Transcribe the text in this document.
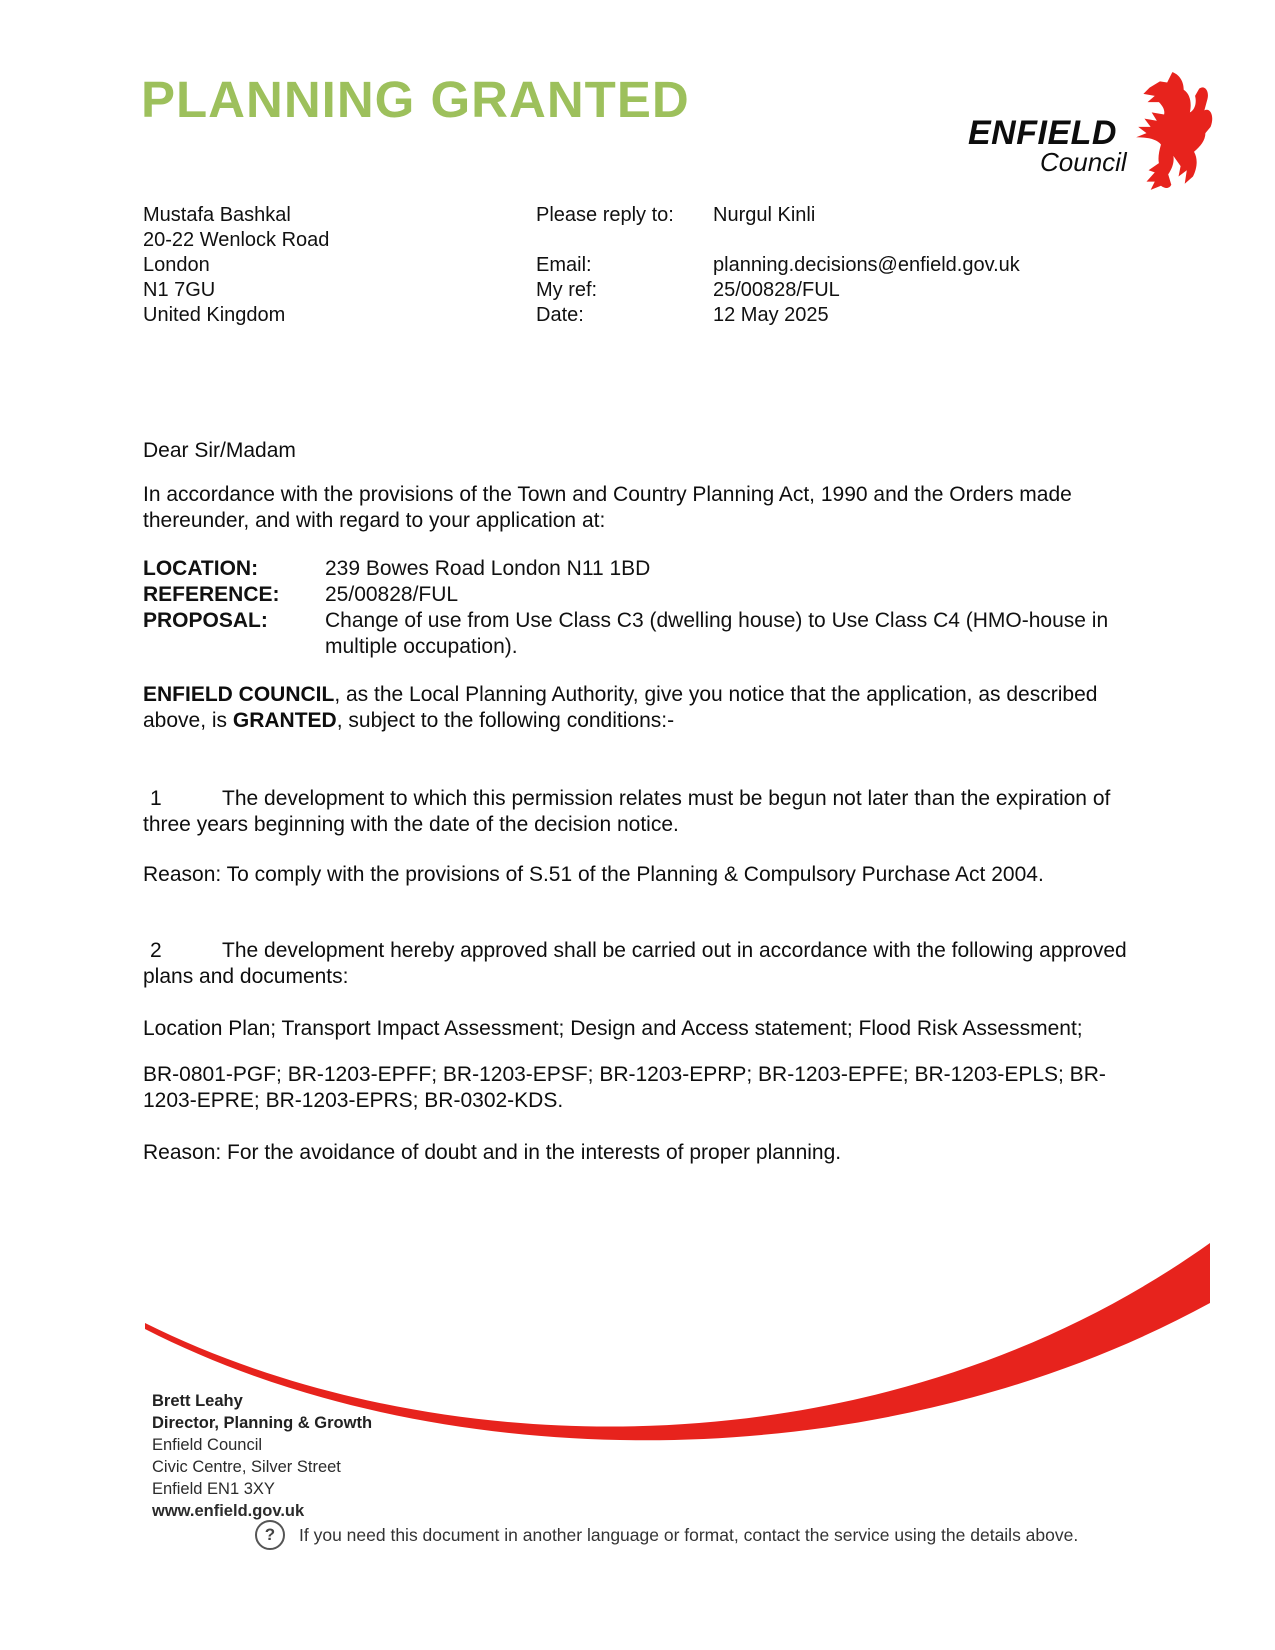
PLANNING GRANTED
ENFIELD
Council
Mustafa Bashkal
20-22 Wenlock Road
London
N1 7GU
United Kingdom
Please reply to:	Nurgul Kinli
Email:	planning.decisions@enfield.gov.uk
My ref:	25/00828/FUL
Date:	12 May 2025
Dear Sir/Madam
In accordance with the provisions of the Town and Country Planning Act, 1990 and the Orders made thereunder, and with regard to your application at:
LOCATION:	239 Bowes Road London N11 1BD
REFERENCE:	25/00828/FUL
PROPOSAL:	Change of use from Use Class C3 (dwelling house) to Use Class C4 (HMO-house in multiple occupation).
ENFIELD COUNCIL, as the Local Planning Authority, give you notice that the application, as described above, is GRANTED, subject to the following conditions:-
1	The development to which this permission relates must be begun not later than the expiration of three years beginning with the date of the decision notice.
Reason: To comply with the provisions of S.51 of the Planning & Compulsory Purchase Act 2004.
2	The development hereby approved shall be carried out in accordance with the following approved plans and documents:
Location Plan; Transport Impact Assessment; Design and Access statement; Flood Risk Assessment;
BR-0801-PGF; BR-1203-EPFF; BR-1203-EPSF; BR-1203-EPRP; BR-1203-EPFE; BR-1203-EPLS; BR-1203-EPRE; BR-1203-EPRS; BR-0302-KDS.
Reason: For the avoidance of doubt and in the interests of proper planning.
Brett Leahy
Director, Planning & Growth
Enfield Council
Civic Centre, Silver Street
Enfield EN1 3XY
www.enfield.gov.uk
?	If you need this document in another language or format, contact the service using the details above.
